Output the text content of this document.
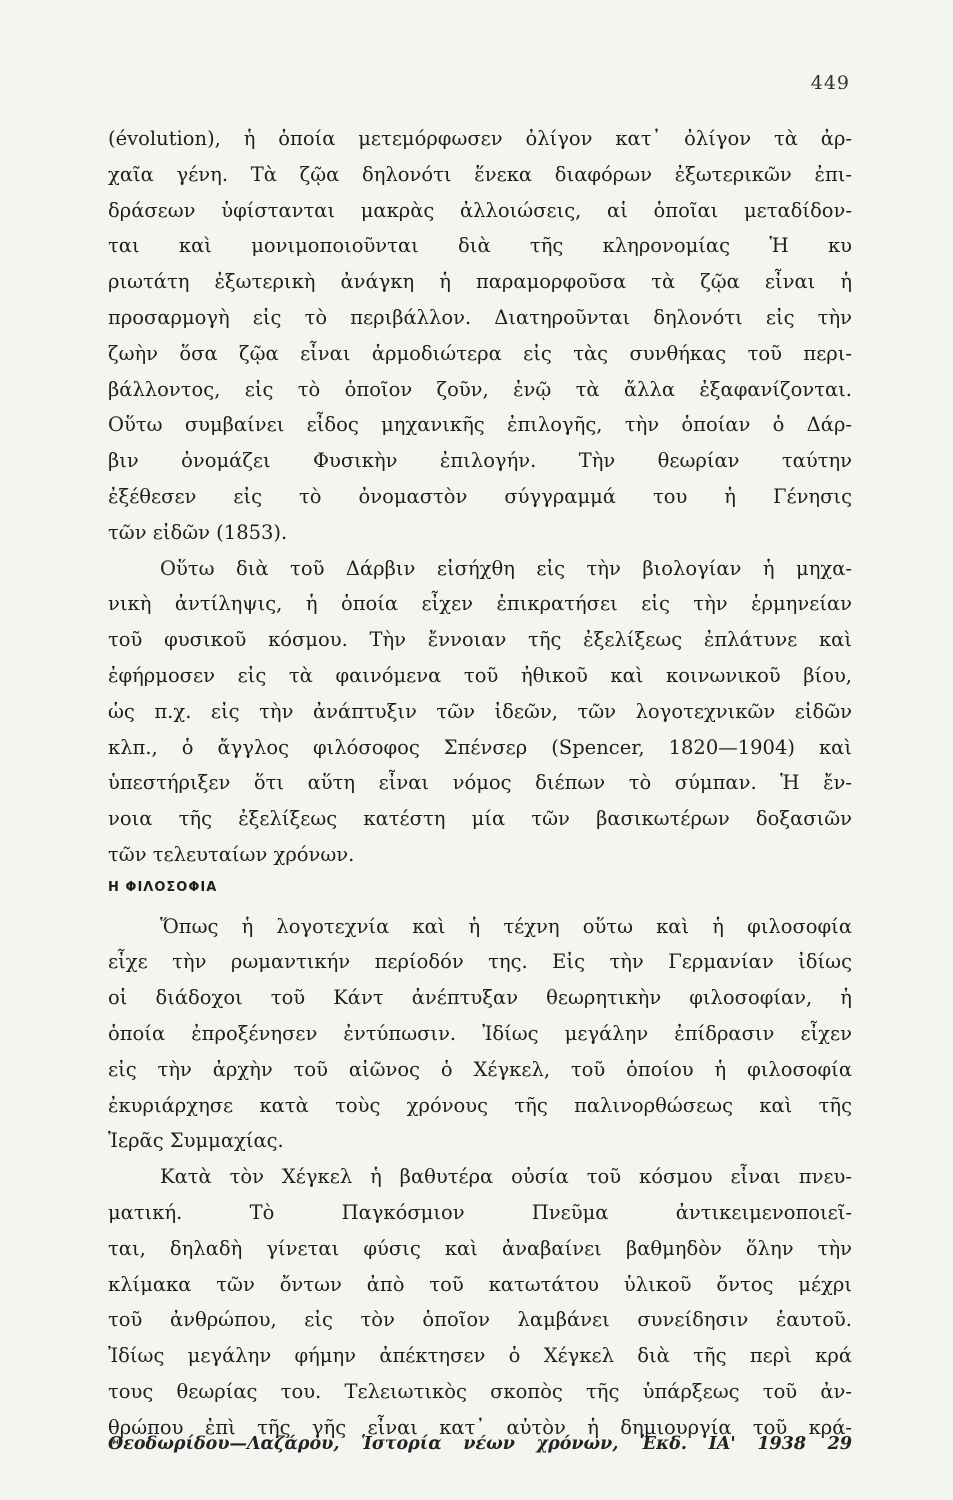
449
(évolution), ἡ ὁποία μετεμόρφωσεν ὀλίγον κατ᾽ ὀλίγον τὰ ἀρ-
χαῖα γένη. Τὰ ζῷα δηλονότι ἕνεκα διαφόρων ἐξωτερικῶν ἐπι-
δράσεων ὑφίστανται μακρὰς ἀλλοιώσεις, αἱ ὁποῖαι μεταδίδον-
ται καὶ μονιμοποιοῦνται διὰ τῆς κληρονομίας Ἡ κυ
ριωτάτη ἐξωτερικὴ ἀνάγκη ἡ παραμορφοῦσα τὰ ζῷα εἶναι ἡ
προσαρμογὴ εἰς τὸ περιβάλλον. Διατηροῦνται δηλονότι εἰς τὴν
ζωὴν ὅσα ζῷα εἶναι ἁρμοδιώτερα εἰς τὰς συνθήκας τοῦ περι-
βάλλοντος, εἰς τὸ ὁποῖον ζοῦν, ἐνῷ τὰ ἄλλα ἐξαφανίζονται.
Οὕτω συμβαίνει εἶδος μηχανικῆς ἐπιλογῆς, τὴν ὁποίαν ὁ Δάρ-
βιν ὀνομάζει Φυσικὴν ἐπιλογήν. Τὴν θεωρίαν ταύτην
ἐξέθεσεν εἰς τὸ ὀνομαστὸν σύγγραμμά του ἡ Γένησις
τῶν εἰδῶν (1853).
Οὕτω διὰ τοῦ Δάρβιν εἰσήχθη εἰς τὴν βιολογίαν ἡ μηχα-
νικὴ ἀντίληψις, ἡ ὁποία εἶχεν ἐπικρατήσει εἰς τὴν ἑρμηνείαν
τοῦ φυσικοῦ κόσμου. Τὴν ἔννοιαν τῆς ἐξελίξεως ἐπλάτυνε καὶ
ἐφήρμοσεν εἰς τὰ φαινόμενα τοῦ ἠθικοῦ καὶ κοινωνικοῦ βίου,
ὡς π.χ. εἰς τὴν ἀνάπτυξιν τῶν ἰδεῶν, τῶν λογοτεχνικῶν εἰδῶν
κλπ., ὁ ἄγγλος φιλόσοφος Σπένσερ (Spencer, 1820—1904) καὶ
ὑπεστήριξεν ὅτι αὕτη εἶναι νόμος διέπων τὸ σύμπαν. Ἡ ἔν-
νοια τῆς ἐξελίξεως κατέστη μία τῶν βασικωτέρων δοξασιῶν
τῶν τελευταίων χρόνων.
Η ΦΙΛΟΣΟΦΙΑ
Ὅπως ἡ λογοτεχνία καὶ ἡ τέχνη οὕτω καὶ ἡ φιλοσοφία
εἶχε τὴν ρωμαντικήν περίοδόν της. Εἰς τὴν Γερμανίαν ἰδίως
οἱ διάδοχοι τοῦ Κάντ ἀνέπτυξαν θεωρητικὴν φιλοσοφίαν, ἡ
ὁποία ἐπροξένησεν ἐντύπωσιν. Ἰδίως μεγάλην ἐπίδρασιν εἶχεν
εἰς τὴν ἀρχὴν τοῦ αἰῶνος ὁ Χέγκελ, τοῦ ὁποίου ἡ φιλοσοφία
ἐκυριάρχησε κατὰ τοὺς χρόνους τῆς παλινορθώσεως καὶ τῆς
Ἱερᾶς Συμμαχίας.
Κατὰ τὸν Χέγκελ ἡ βαθυτέρα οὐσία τοῦ κόσμου εἶναι πνευ-
ματική. Τὸ Παγκόσμιον Πνεῦμα ἀντικειμενοποιεῖ-
ται, δηλαδὴ γίνεται φύσις καὶ ἀναβαίνει βαθμηδὸν ὅλην τὴν
κλίμακα τῶν ὄντων ἀπὸ τοῦ κατωτάτου ὑλικοῦ ὄντος μέχρι
τοῦ ἀνθρώπου, εἰς τὸν ὁποῖον λαμβάνει συνείδησιν ἑαυτοῦ.
Ἰδίως μεγάλην φήμην ἀπέκτησεν ὁ Χέγκελ διὰ τῆς περὶ κρά
τους θεωρίας του. Τελειωτικὸς σκοπὸς τῆς ὑπάρξεως τοῦ ἀν-
θρώπου ἐπὶ τῆς γῆς εἶναι κατ᾽ αὐτὸν ἡ δημιουργία τοῦ κρά-
Θεοδωρίδου—Λαζάρου, Ἱστορία νέων χρόνων, Ἐκδ. ΙΑ' 1938 29
